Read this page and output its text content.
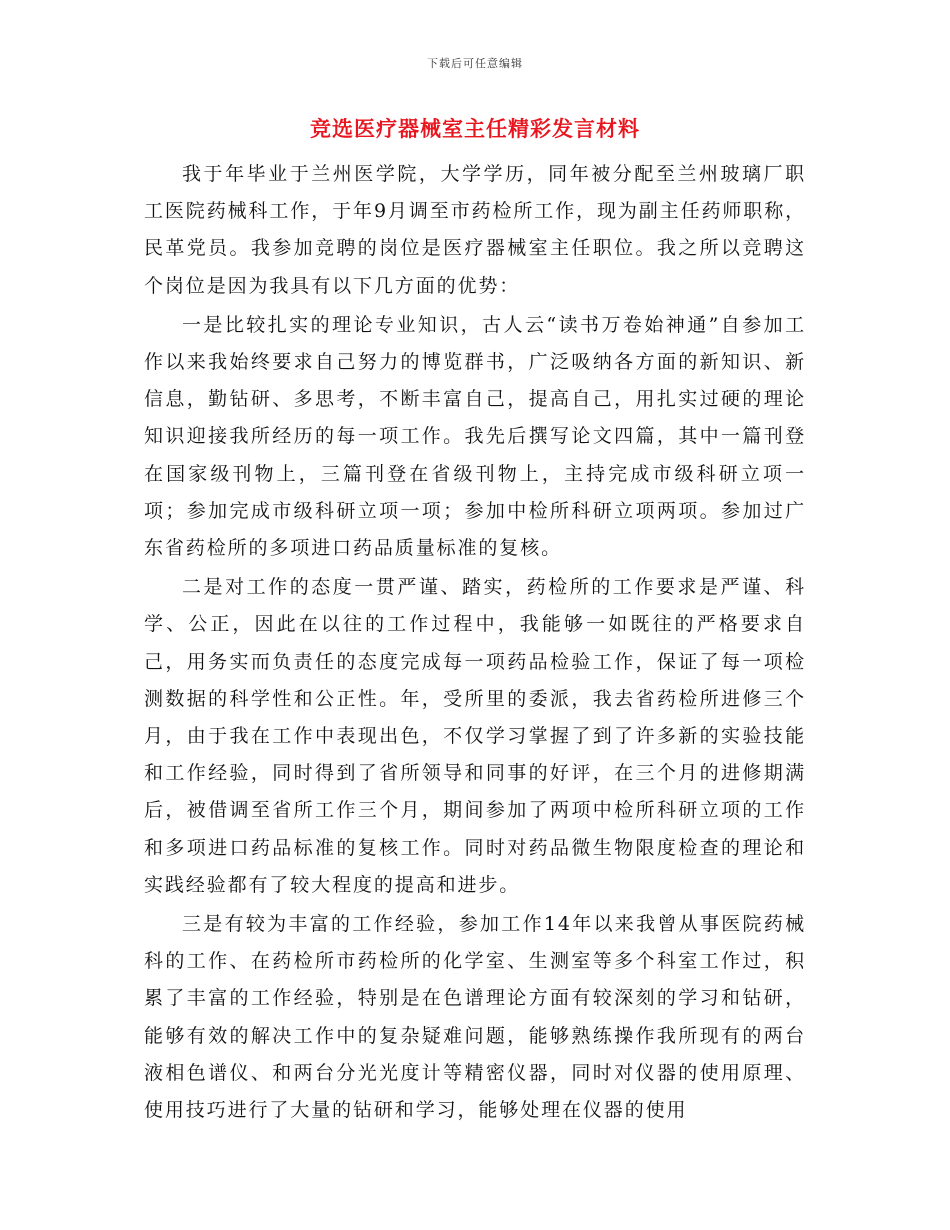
下载后可任意编辑
竞选医疗器械室主任精彩发言材料

我于年毕业于兰州医学院，大学学历，同年被分配至兰州玻璃厂职工医院药械科工作，于年9月调至市药检所工作，现为副主任药师职称，民革党员。我参加竞聘的岗位是医疗器械室主任职位。我之所以竞聘这个岗位是因为我具有以下几方面的优势：

一是比较扎实的理论专业知识，古人云“读书万卷始神通”自参加工作以来我始终要求自己努力的博览群书，广泛吸纳各方面的新知识、新信息，勤钻研、多思考，不断丰富自己，提高自己，用扎实过硬的理论知识迎接我所经历的每一项工作。我先后撰写论文四篇，其中一篇刊登在国家级刊物上，三篇刊登在省级刊物上，主持完成市级科研立项一项；参加完成市级科研立项一项；参加中检所科研立项两项。参加过广东省药检所的多项进口药品质量标准的复核。

二是对工作的态度一贯严谨、踏实，药检所的工作要求是严谨、科学、公正，因此在以往的工作过程中，我能够一如既往的严格要求自己，用务实而负责任的态度完成每一项药品检验工作，保证了每一项检测数据的科学性和公正性。年，受所里的委派，我去省药检所进修三个月，由于我在工作中表现出色，不仅学习掌握了到了许多新的实验技能和工作经验，同时得到了省所领导和同事的好评，在三个月的进修期满后，被借调至省所工作三个月，期间参加了两项中检所科研立项的工作和多项进口药品标准的复核工作。同时对药品微生物限度检查的理论和实践经验都有了较大程度的提高和进步。

三是有较为丰富的工作经验，参加工作14年以来我曾从事医院药械科的工作、在药检所市药检所的化学室、生测室等多个科室工作过，积累了丰富的工作经验，特别是在色谱理论方面有较深刻的学习和钻研，能够有效的解决工作中的复杂疑难问题，能够熟练操作我所现有的两台液相色谱仪、和两台分光光度计等精密仪器，同时对仪器的使用原理、使用技巧进行了大量的钻研和学习，能够处理在仪器的使用
